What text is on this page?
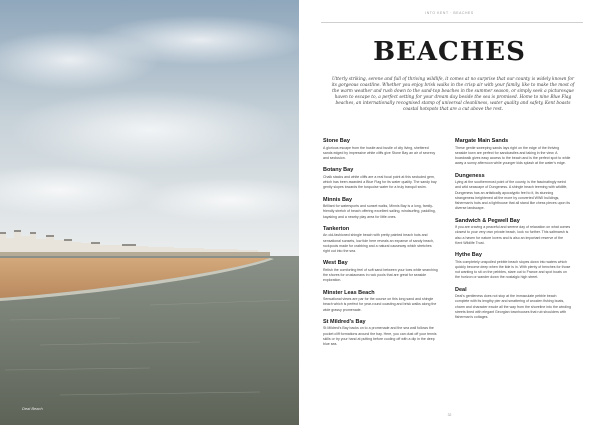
Deal Beach
INTO KENT · BEACHES
BEACHES
Utterly striking, serene and full of thriving wildlife, it comes at no surprise that our county is widely known for its gorgeous coastline. Whether you enjoy brisk walks in the crisp air with your family, like to make the most of the warm weather and rush down to the sand-top beaches in the summer season, or simply seek a picturesque haven to escape to, a perfect setting for your dream day beside the sea is promised. Home to nine Blue Flag beaches, an internationally recognised stamp of universal cleanliness, water quality and safety, Kent boasts coastal hotspots that are a cut above the rest.
Stone Bay

A glorious escape from the hustle and bustle of city living, sheltered sands edged by impressive white cliffs give Stone Bay an air of secrecy and seclusion.

Botany Bay

Chalk stacks and white cliffs are a real focal point at this secluded gem, which has been awarded a Blue Flag for its water quality. The sandy bay gently slopes towards the turquoise water for a truly tranquil swim.

Minnis Bay

Brilliant for watersports and sunset walks, Minnis Bay is a long, family-friendly stretch of beach offering excellent sailing, windsurfing, paddling, kayaking and a nearby play area for little ones.

Tankerton

An old-fashioned shingle beach with pretty painted beach huts and sensational sunsets, low tide here reveals an expanse of sandy beach, rockpools made for crabbing and a natural causeway which stretches right out into the sea.

West Bay

Relish the comforting feel of soft sand between your toes while searching the shores for crustaceans in rock pools that are great for seaside exploration.

Minster Leas Beach

Sensational views are par for the course on this long sand and shingle beach which is perfect for year-round coasting and brisk walks along the wide grassy promenade.

St Mildred's Bay

St Mildred's Bay backs on to a promenade and the sea wall follows the pocket cliff formations around the bay. Here, you can dust off your tennis skills or try your hand at putting before cooling off with a dip in the deep blue sea.

Margate Main Sands

These gentle sweeping sands lays right on the edge of the thriving seaside town are perfect for sandcastles and taking in the view. A boardwalk gives easy access to the beach and is the perfect spot to while away a sunny afternoon while younger kids splash at the water's edge.

Dungeness

Lying at the southernmost point of the county, is the fascinatingly weird and wild seascape of Dungeness. A shingle beach teeming with wildlife, Dungeness has an artistically apocalyptic feel to it, its stunning strangeness heightened all the more by converted WWII buildings, fisherman's huts and a lighthouse that all stand like chess pieces upon its diverse landscape.

Sandwich & Pegwell Bay

If you are craving a peaceful and serene day of relaxation on what comes closest to your very own private beach, look no further. This saltmarsh is also a haven for nature lovers and is also an important reserve of the Kent Wildlife Trust.

Hythe Bay

This completely unspoiled pebble beach slopes down into waters which quickly become deep when the tide is in. With plenty of benches for those not wanting to sit on the pebbles, stare out to France and spot boats on the horizon or wander down the nostalgic high street.

Deal

Deal's gentleness does not stop at the immaculate pebble beach complete with its lengthy pier and smattering of wooden fishing boats, charm and character exude all the way from the shoreline into the winding streets lined with elegant Georgian townhouses that rub shoulders with fisherman's cottages.

32
